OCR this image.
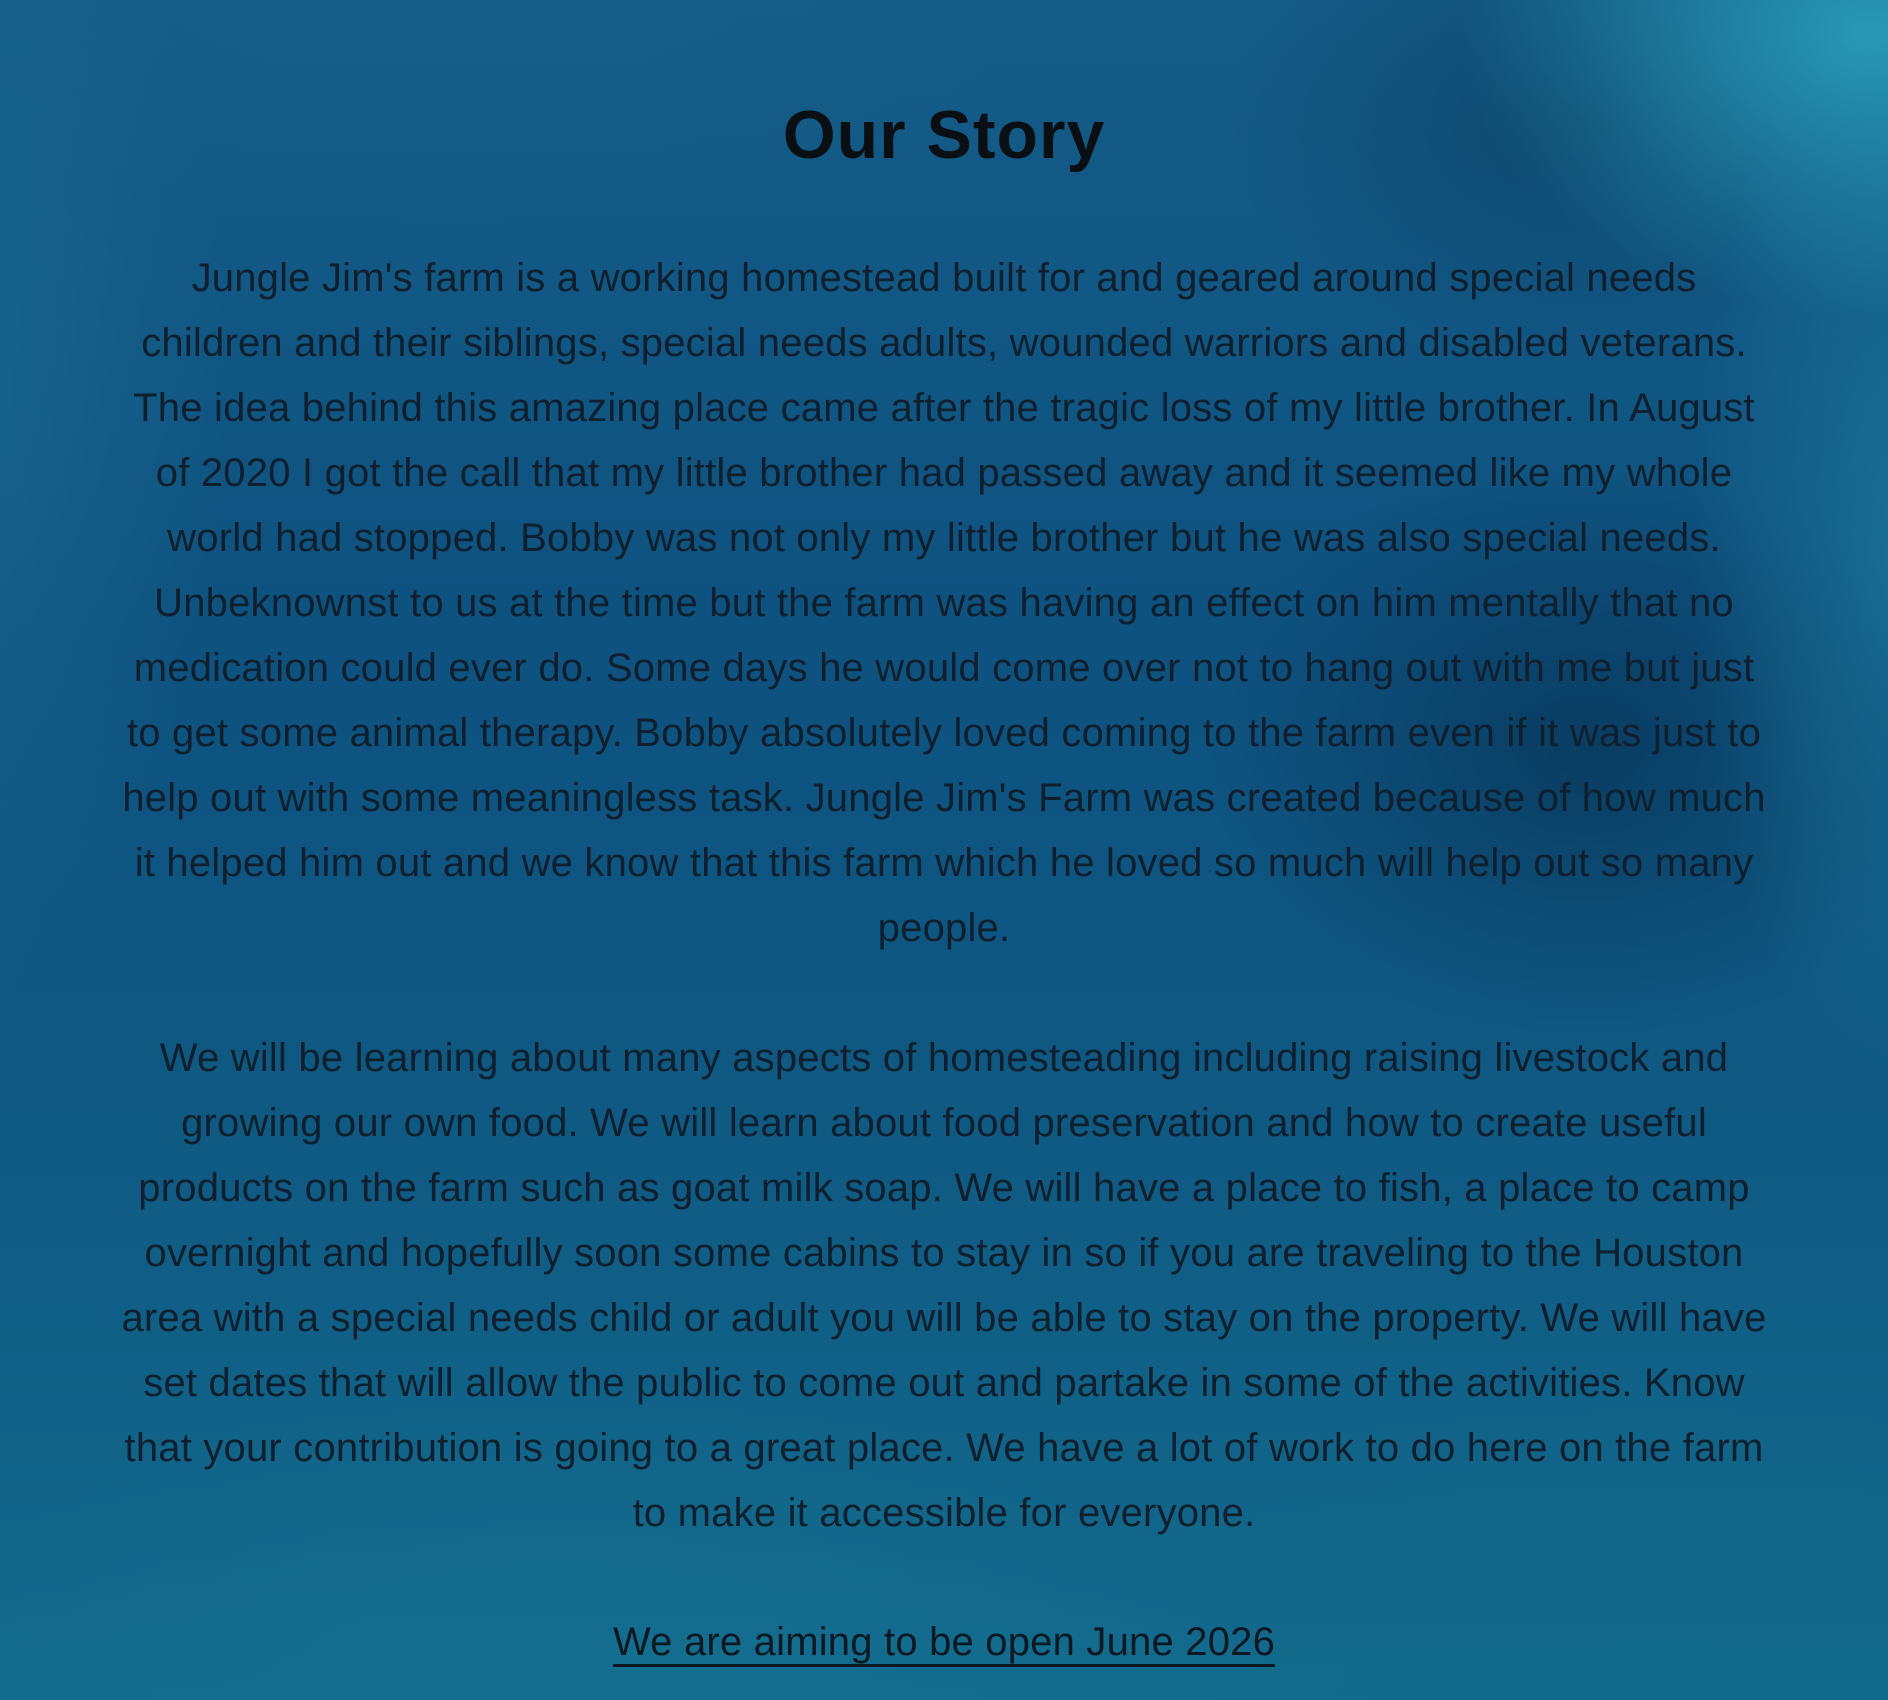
Our Story

Jungle Jim's farm is a working homestead built for and geared around special needs children and their siblings, special needs adults, wounded warriors and disabled veterans. The idea behind this amazing place came after the tragic loss of my little brother. In August of 2020 I got the call that my little brother had passed away and it seemed like my whole world had stopped. Bobby was not only my little brother but he was also special needs. Unbeknownst to us at the time but the farm was having an effect on him mentally that no medication could ever do. Some days he would come over not to hang out with me but just to get some animal therapy. Bobby absolutely loved coming to the farm even if it was just to help out with some meaningless task. Jungle Jim's Farm was created because of how much it helped him out and we know that this farm which he loved so much will help out so many people.

We will be learning about many aspects of homesteading including raising livestock and growing our own food. We will learn about food preservation and how to create useful products on the farm such as goat milk soap. We will have a place to fish, a place to camp overnight and hopefully soon some cabins to stay in so if you are traveling to the Houston area with a special needs child or adult you will be able to stay on the property. We will have set dates that will allow the public to come out and partake in some of the activities. Know that your contribution is going to a great place. We have a lot of work to do here on the farm to make it accessible for everyone.

We are aiming to be open June 2026
